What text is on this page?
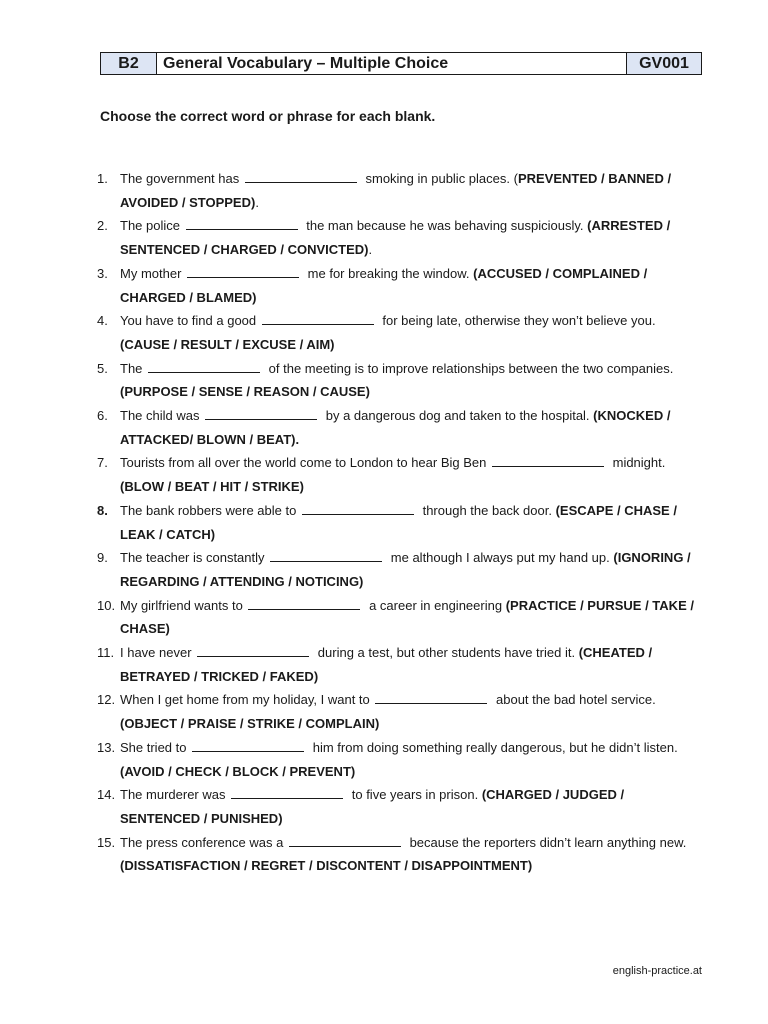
B2	General Vocabulary – Multiple Choice	GV001
Choose the correct word or phrase for each blank.
1. The government has	smoking in public places. (PREVENTED / BANNED / AVOIDED / STOPPED).
2. The police	the man because he was behaving suspiciously. (ARRESTED / SENTENCED / CHARGED / CONVICTED).
3. My mother	me for breaking the window. (ACCUSED / COMPLAINED / CHARGED / BLAMED)
4. You have to find a good	for being late, otherwise they won’t believe you. (CAUSE / RESULT / EXCUSE / AIM)
5. The	of the meeting is to improve relationships between the two companies. (PURPOSE / SENSE / REASON / CAUSE)
6. The child was	by a dangerous dog and taken to the hospital. (KNOCKED / ATTACKED/ BLOWN / BEAT).
7. Tourists from all over the world come to London to hear Big Ben	midnight. (BLOW / BEAT / HIT / STRIKE)
8. The bank robbers were able to	through the back door. (ESCAPE / CHASE / LEAK / CATCH)
9. The teacher is constantly	me although I always put my hand up. (IGNORING / REGARDING / ATTENDING / NOTICING)
10. My girlfriend wants to	a career in engineering (PRACTICE / PURSUE / TAKE / CHASE)
11. I have never	during a test, but other students have tried it. (CHEATED / BETRAYED / TRICKED / FAKED)
12. When I get home from my holiday, I want to	about the bad hotel service. (OBJECT / PRAISE / STRIKE / COMPLAIN)
13. She tried to	him from doing something really dangerous, but he didn’t listen. (AVOID / CHECK / BLOCK / PREVENT)
14. The murderer was	to five years in prison. (CHARGED / JUDGED / SENTENCED / PUNISHED)
15. The press conference was a	because the reporters didn’t learn anything new. (DISSATISFACTION / REGRET / DISCONTENT / DISAPPOINTMENT)
english-practice.at
